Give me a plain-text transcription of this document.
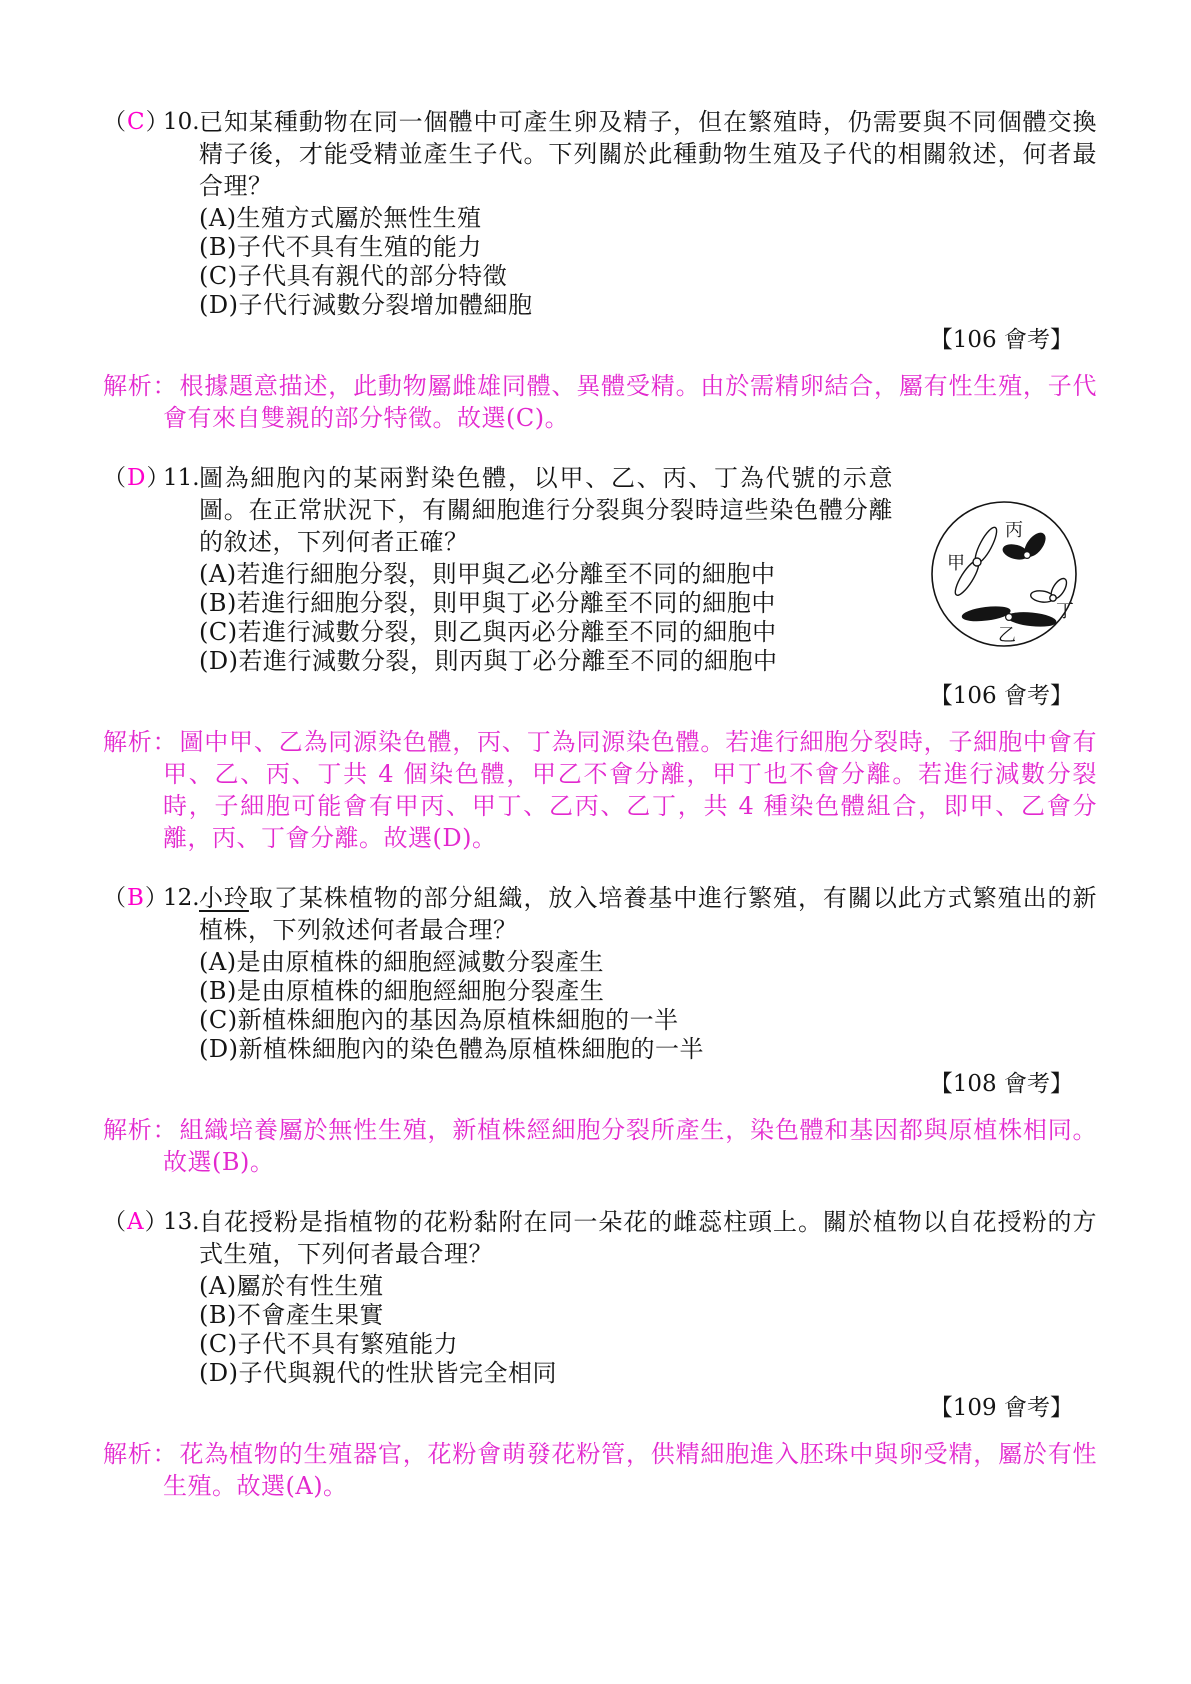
（C）
10. 已知某種動物在同一個體中可產生卵及精子，但在繁殖時，仍需要與不同個體交換精子後，才能受精並產生子代。下列關於此種動物生殖及子代的相關敘述，何者最合理？
(A)生殖方式屬於無性生殖
(B)子代不具有生殖的能力
(C)子代具有親代的部分特徵
(D)子代行減數分裂增加體細胞
【106 會考】

解析：根據題意描述，此動物屬雌雄同體、異體受精。由於需精卵結合，屬有性生殖，子代會有來自雙親的部分特徵。故選(C)。

（D）
11.
甲
丙
丁
乙
圖為細胞內的某兩對染色體，以甲、乙、丙、丁為代號的示意圖。在正常狀況下，有關細胞進行分裂與分裂時這些染色體分離的敘述，下列何者正確？
(A)若進行細胞分裂，則甲與乙必分離至不同的細胞中
(B)若進行細胞分裂，則甲與丁必分離至不同的細胞中
(C)若進行減數分裂，則乙與丙必分離至不同的細胞中
(D)若進行減數分裂，則丙與丁必分離至不同的細胞中
【106 會考】

解析：圖中甲、乙為同源染色體，丙、丁為同源染色體。若進行細胞分裂時，子細胞中會有甲、乙、丙、丁共 4 個染色體，甲乙不會分離，甲丁也不會分離。若進行減數分裂時，子細胞可能會有甲丙、甲丁、乙丙、乙丁，共 4 種染色體組合，即甲、乙會分離，丙、丁會分離。故選(D)。

（B）
12. 小玲取了某株植物的部分組織，放入培養基中進行繁殖，有關以此方式繁殖出的新植株，下列敘述何者最合理？
(A)是由原植株的細胞經減數分裂產生
(B)是由原植株的細胞經細胞分裂產生
(C)新植株細胞內的基因為原植株細胞的一半
(D)新植株細胞內的染色體為原植株細胞的一半
【108 會考】

解析：組織培養屬於無性生殖，新植株經細胞分裂所產生，染色體和基因都與原植株相同。故選(B)。

（A）
13. 自花授粉是指植物的花粉黏附在同一朵花的雌蕊柱頭上。關於植物以自花授粉的方式生殖，下列何者最合理？
(A)屬於有性生殖
(B)不會產生果實
(C)子代不具有繁殖能力
(D)子代與親代的性狀皆完全相同
【109 會考】

解析：花為植物的生殖器官，花粉會萌發花粉管，供精細胞進入胚珠中與卵受精，屬於有性生殖。故選(A)。
